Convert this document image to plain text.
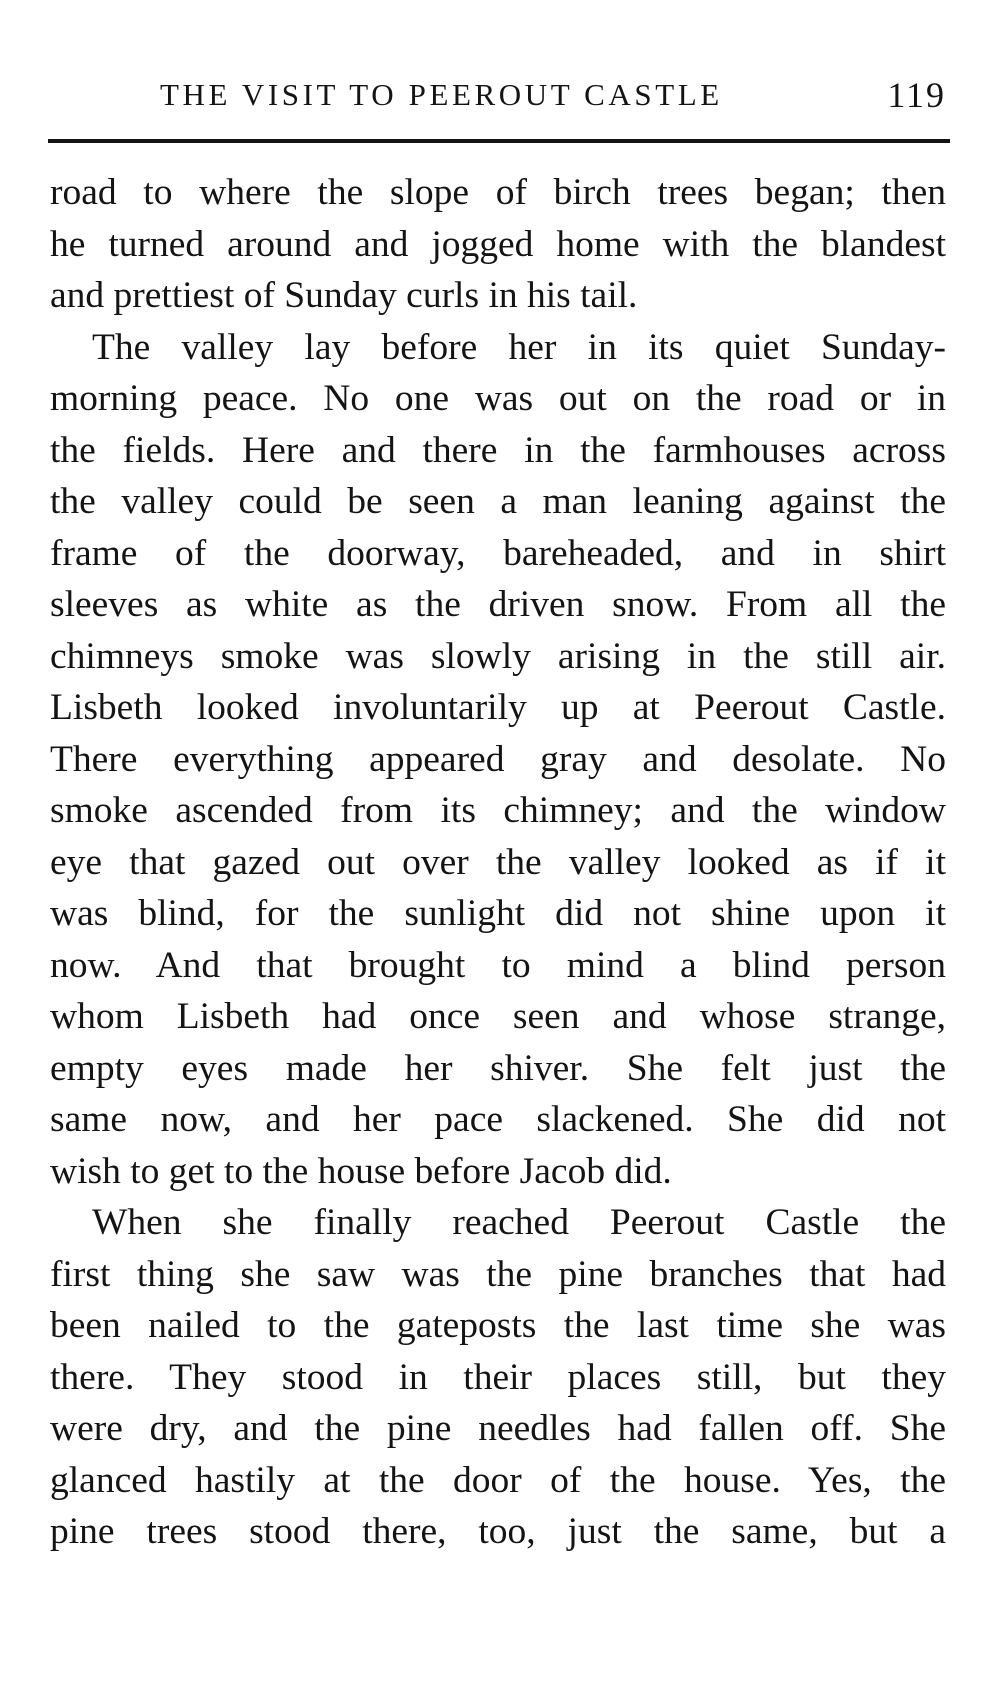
THE VISIT TO PEEROUT CASTLE	119
road to where the slope of birch trees began; then
he turned around and jogged home with the blandest
and prettiest of Sunday curls in his tail.
The valley lay before her in its quiet Sunday-
morning peace. No one was out on the road or in
the fields. Here and there in the farmhouses across
the valley could be seen a man leaning against the
frame of the doorway, bareheaded, and in shirt
sleeves as white as the driven snow. From all the
chimneys smoke was slowly arising in the still air.
Lisbeth looked involuntarily up at Peerout Castle.
There everything appeared gray and desolate. No
smoke ascended from its chimney; and the window
eye that gazed out over the valley looked as if it
was blind, for the sunlight did not shine upon it
now. And that brought to mind a blind person
whom Lisbeth had once seen and whose strange,
empty eyes made her shiver. She felt just the
same now, and her pace slackened. She did not
wish to get to the house before Jacob did.
When she finally reached Peerout Castle the
first thing she saw was the pine branches that had
been nailed to the gateposts the last time she was
there. They stood in their places still, but they
were dry, and the pine needles had fallen off. She
glanced hastily at the door of the house. Yes, the
pine trees stood there, too, just the same, but a
